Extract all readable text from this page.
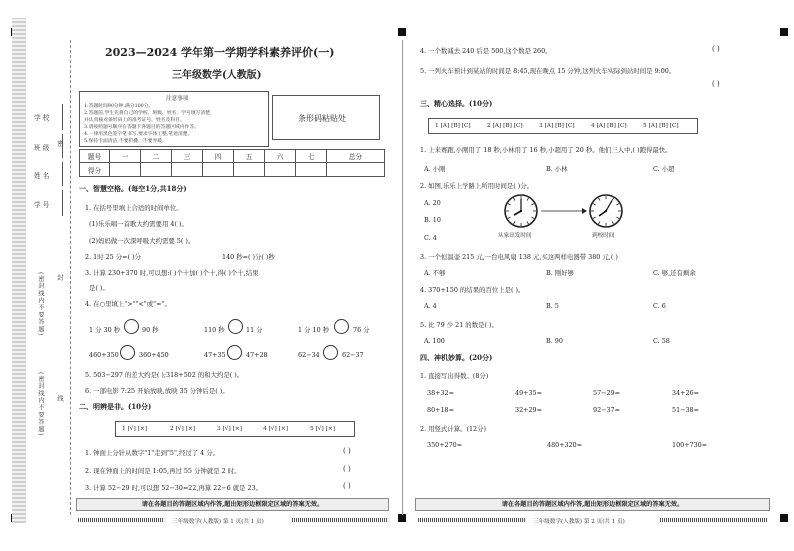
学 校
班 级
姓 名
学 号
密
封
线
(密封线内不要答题)
(密封线内不要答题)
2023—2024 学年第一学期学科素养评价(一)
三年级数学(人教版)
注意事项
1.答题时间90分钟,满分100分。
2.答题前,学生先将自己的学校、班级、姓名、学号填写清楚,
并认真核对条形码上的准考证号、姓名及科目。
3.请按照题号顺序在答题卡各题目的答题区域内作答。
4.一律用黑色签字笔书写,要求字体工整,笔迹清楚。
5.保持卡面清洁,不要折叠、不要弄破。
条形码粘贴处
题号	一	二	三	四	五	六	七	总分
得分								
一、智慧空格。(每空1分,共18分)
1. 在括号里填上合适的时间单位。
(1)乐乐唱一首歌大约需要用 4( )。
(2)妈妈做一次深呼吸大约需要 5( )。
2. 1时 25 分=( )分	140 秒=( )分( )秒
3. 计算 230+370 时,可以想:( )个十加( )个十,得( )个十,结果
是( )。
4. 在○里填上">""<"或"="。
1 分 30 秒	90 秒	110 秒	11 分	1 分 10 秒	76 分
460+350	360+450	47+35	47+28	62−34	62−37
5. 503−297 的差大约是( );318+502 的和大约是( )。
6. 一部电影 7:25 开始放映,放映 35 分钟后是( )。
二、明辨是非。(10分)
1 [√] [×]	2 [√] [×]	3 [√] [×]	4 [√] [×]	5 [√] [×]
1. 钟面上分针从数字"1"走到"5",经过了 4 分。	( )
2. 现在钟面上的时间是 1:05,再过 55 分钟就是 2 时。	( )
3. 计算 52−29 时,可以想 52−30=22,再算 22−6 就是 23。	( )
请在各题目的答题区域内作答,超出矩形边框限定区域的答案无效。
三年级数学(人教版) 第 1 页(共 1 页)
4. 一个数减去 240 后是 500,这个数是 260。	( )
5. 一列火车预计到某站的时间是 8:45,现在晚点 15 分钟,这列火车实际到站时间是 9:00。
( )
三、精心选择。(10分)
1 [A] [B] [C]	2 [A] [B] [C]	3 [A] [B] [C]	4 [A] [B] [C]	5 [A] [B] [C]
1. 上来赛跑,小刚用了 18 秒,小林用了 16 秒,小超用了 20 秒。他们三人中,( )跑得最快。
A. 小刚	B. 小林	C. 小超
2. 如图,乐乐上学路上所用时间是( )分。
A. 20
B. 10
C. 4	从家出发时间	到校时间
3. 一个恒温壶 215 元,一台电风扇 138 元,买这两样电器带 380 元,( )
A. 不够	B. 刚好够	C. 够,还有剩余
4. 370+150 的结果的百位上是( )。
A. 4	B. 5	C. 6
5. 比 79 少 21 的数是( )。
A. 100	B. 90	C. 58
四、神机妙算。(20分)
1. 直接写出得数。(8分)
38+32=	49+35=	57−29=	34+26=
80+18=	32+29=	92−37=	51−38=
2. 用竖式计算。(12分)
350+270=	480+320=	100+730=
请在各题目的答题区域内作答,超出矩形边框限定区域的答案无效。
三年级数学(人教版) 第 2 页(共 1 页)
